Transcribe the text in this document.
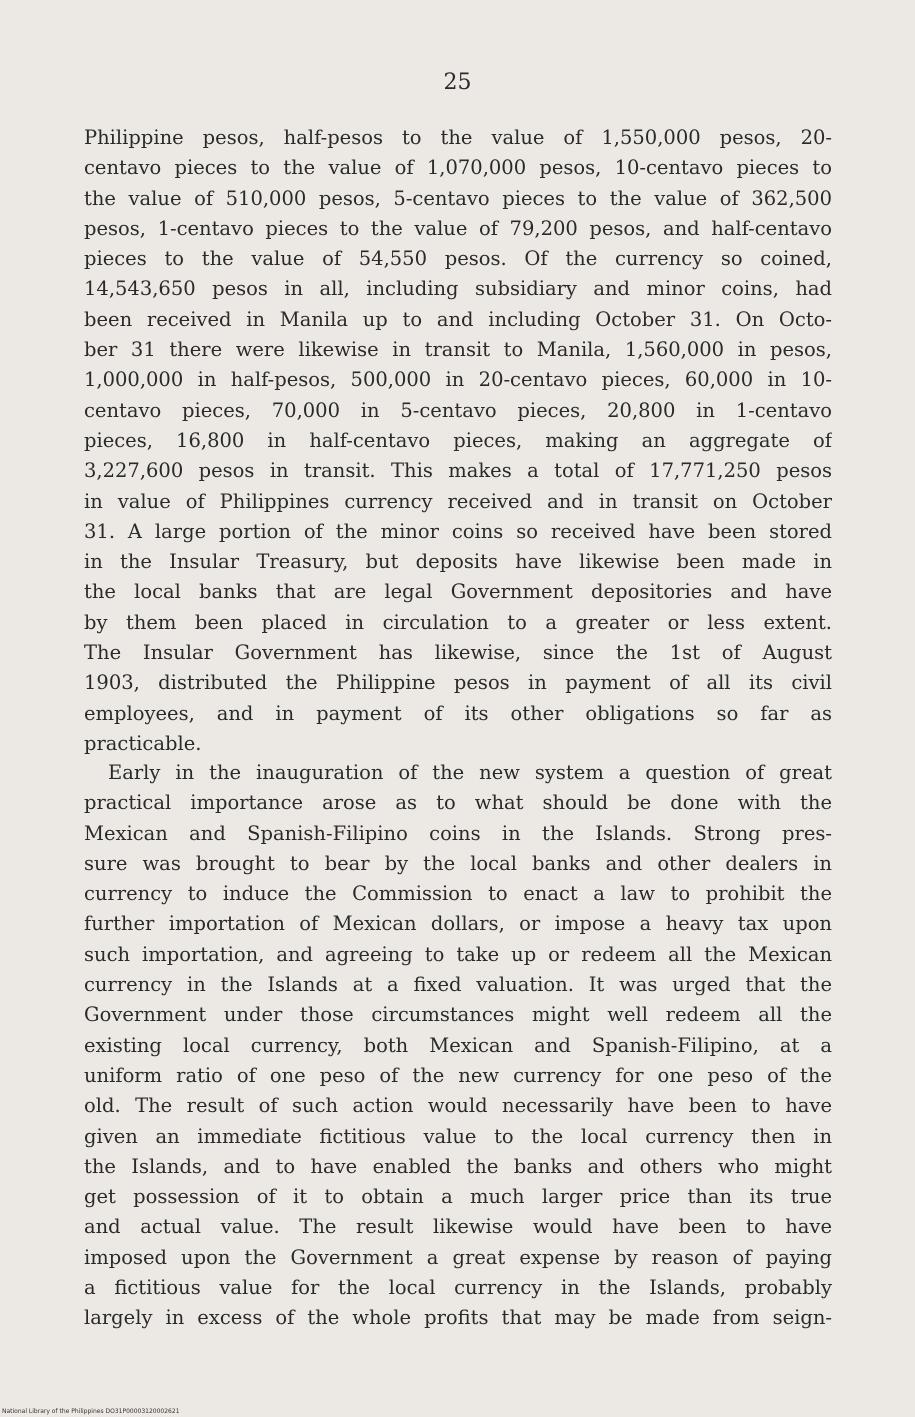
25
Philippine pesos, half-pesos to the value of 1,550,000 pesos, 20-
centavo pieces to the value of 1,070,000 pesos, 10-centavo pieces to
the value of 510,000 pesos, 5-centavo pieces to the value of 362,500
pesos, 1-centavo pieces to the value of 79,200 pesos, and half-centavo
pieces to the value of 54,550 pesos. Of the currency so coined,
14,543,650 pesos in all, including subsidiary and minor coins, had
been received in Manila up to and including October 31. On Octo-
ber 31 there were likewise in transit to Manila, 1,560,000 in pesos,
1,000,000 in half-pesos, 500,000 in 20-centavo pieces, 60,000 in 10-
centavo pieces, 70,000 in 5-centavo pieces, 20,800 in 1-centavo
pieces, 16,800 in half-centavo pieces, making an aggregate of
3,227,600 pesos in transit. This makes a total of 17,771,250 pesos
in value of Philippines currency received and in transit on October
31. A large portion of the minor coins so received have been stored
in the Insular Treasury, but deposits have likewise been made in
the local banks that are legal Government depositories and have
by them been placed in circulation to a greater or less extent.
The Insular Government has likewise, since the 1st of August
1903, distributed the Philippine pesos in payment of all its civil
employees, and in payment of its other obligations so far as
practicable.
Early in the inauguration of the new system a question of great
practical importance arose as to what should be done with the
Mexican and Spanish-Filipino coins in the Islands. Strong pres-
sure was brought to bear by the local banks and other dealers in
currency to induce the Commission to enact a law to prohibit the
further importation of Mexican dollars, or impose a heavy tax upon
such importation, and agreeing to take up or redeem all the Mexican
currency in the Islands at a fixed valuation. It was urged that the
Government under those circumstances might well redeem all the
existing local currency, both Mexican and Spanish-Filipino, at a
uniform ratio of one peso of the new currency for one peso of the
old. The result of such action would necessarily have been to have
given an immediate fictitious value to the local currency then in
the Islands, and to have enabled the banks and others who might
get possession of it to obtain a much larger price than its true
and actual value. The result likewise would have been to have
imposed upon the Government a great expense by reason of paying
a fictitious value for the local currency in the Islands, probably
largely in excess of the whole profits that may be made from seign-
National Library of the Philippines DO31P00003120002621
